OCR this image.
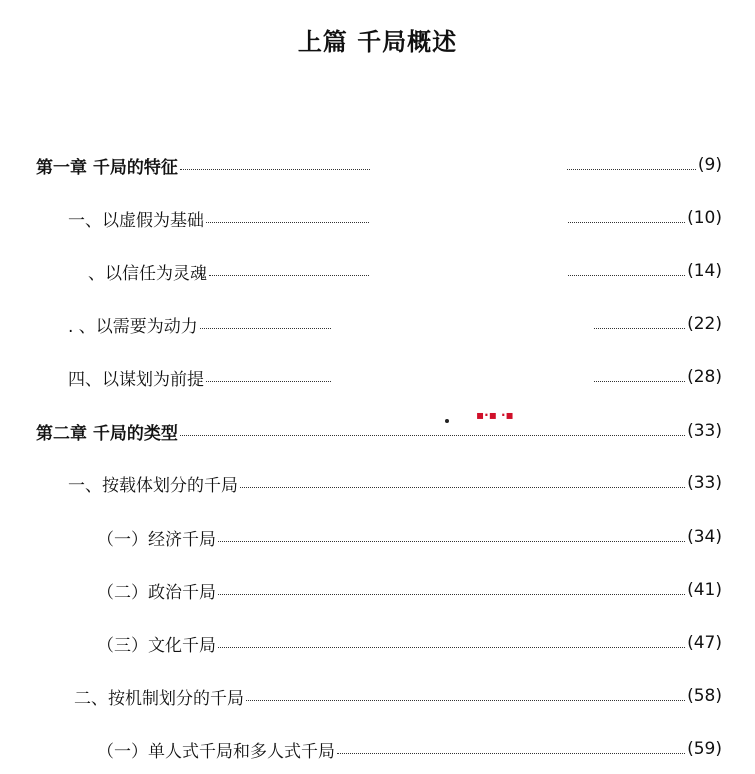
上篇 千局概述
第一章 千局的特征	(9)
一、以虚假为基础	(10)
、以信任为灵魂	(14)
. 、以需要为动力	(22)
四、以谋划为前提	(28)
第二章 千局的类型	(33)
一、按载体划分的千局	(33)
（一）经济千局	(34)
（二）政治千局	(41)
（三）文化千局	(47)
二、按机制划分的千局	(58)
（一）单人式千局和多人式千局	(59)
▪·▪ ·▪
